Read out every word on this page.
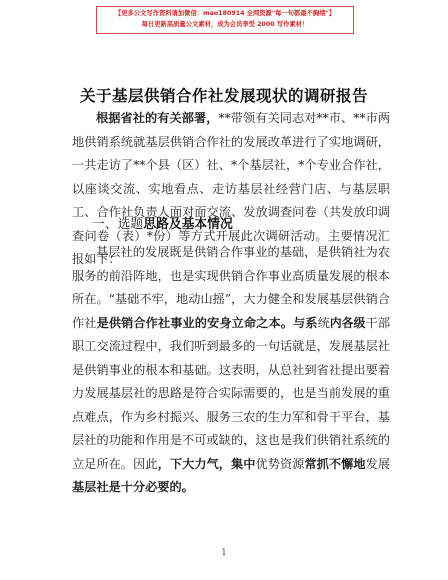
【更多公文写作资料请加微信：mao180914 全网资源"每一句都最不胸绪"】
每日更新高质量公文素材，成为会员享受 2000 写作素材！
关于基层供销合作社发展现状的调研报告

根据省社的有关部署，**带领有关同志对**市、**市两地供销系统就基层供销合作社的发展改革进行了实地调研，一共走访了**个县（区）社、*个基层社，*个专业合作社，以座谈交流、实地看点、走访基层社经营门店、与基层职工、合作社负责人面对面交流、发放调查问卷（共发放印调查问卷（表）*份）等方式开展此次调研活动。主要情况汇报如下：

一、选题思路及基本情况

基层社的发展既是供销合作事业的基础，是供销社为农服务的前沿阵地，也是实现供销合作事业高质量发展的根本所在。“基础不牢，地动山摇”，大力健全和发展基层供销合作社是供销合作社事业的安身立命之本。与系统内各级干部职工交流过程中，我们听到最多的一句话就是，发展基层社是供销事业的根本和基础。这表明，从总社到省社提出要着力发展基层社的思路是符合实际需要的，也是当前发展的重点难点，作为乡村振兴、服务三农的生力军和骨干平台，基层社的功能和作用是不可或缺的，这也是我们供销社系统的立足所在。因此，下大力气，集中优势资源常抓不懈地发展基层社是十分必要的。

1
